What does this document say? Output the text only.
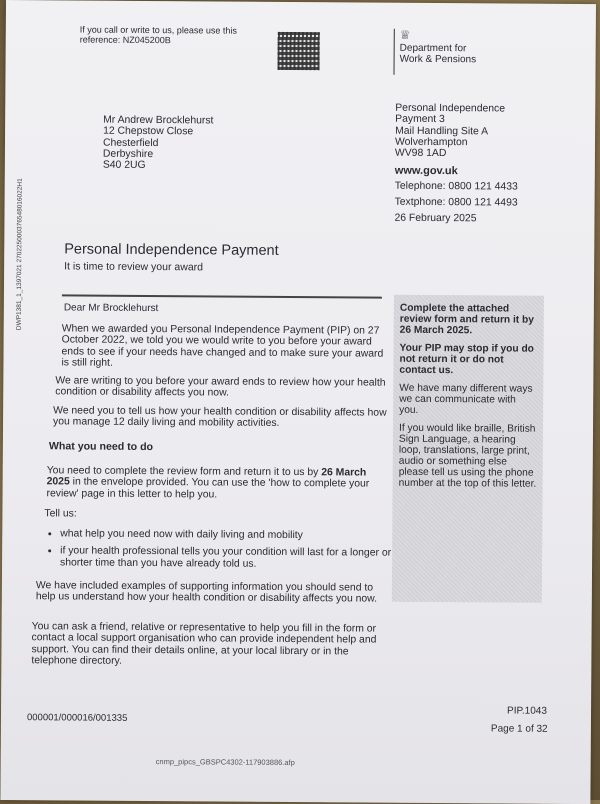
If you call or write to us, please use this reference: NZ045200B	♕
Department for Work & Pensions
Mr Andrew Brocklehurst
12 Chepstow Close
Chesterfield
Derbyshire
S40 2UG
Personal Independence
Payment 3
Mail Handling Site A
Wolverhampton
WV98 1AD
www.gov.uk
Telephone: 0800 121 4433
Textphone: 0800 121 4493
26 February 2025
Personal Independence Payment
It is time to review your award
Dear Mr Brocklehurst
When we awarded you Personal Independence Payment (PIP) on 27 October 2022, we told you we would write to you before your award ends to see if your needs have changed and to make sure your award is still right.
We are writing to you before your award ends to review how your health condition or disability affects you now.
We need you to tell us how your health condition or disability affects how you manage 12 daily living and mobility activities.
What you need to do
You need to complete the review form and return it to us by 26 March 2025 in the envelope provided. You can use the 'how to complete your review' page in this letter to help you.
Tell us:
• what help you need now with daily living and mobility
• if your health professional tells you your condition will last for a longer or shorter time than you have already told us.
We have included examples of supporting information you should send to help us understand how your health condition or disability affects you now.
You can ask a friend, relative or representative to help you fill in the form or contact a local support organisation who can provide independent help and support. You can find their details online, at your local library or in the telephone directory.
Complete the attached review form and return it by 26 March 2025.
Your PIP may stop if you do not return it or do not contact us.
We have many different ways we can communicate with you.
If you would like braille, British Sign Language, a hearing loop, translations, large print, audio or something else please tell us using the phone number at the top of this letter.
DWP1381_1_1397021 270225000376548016022H1
000001/000016/001335
PIP.1043
Page 1 of 32
cnmp_pipcs_GBSPC4302-117903886.afp
